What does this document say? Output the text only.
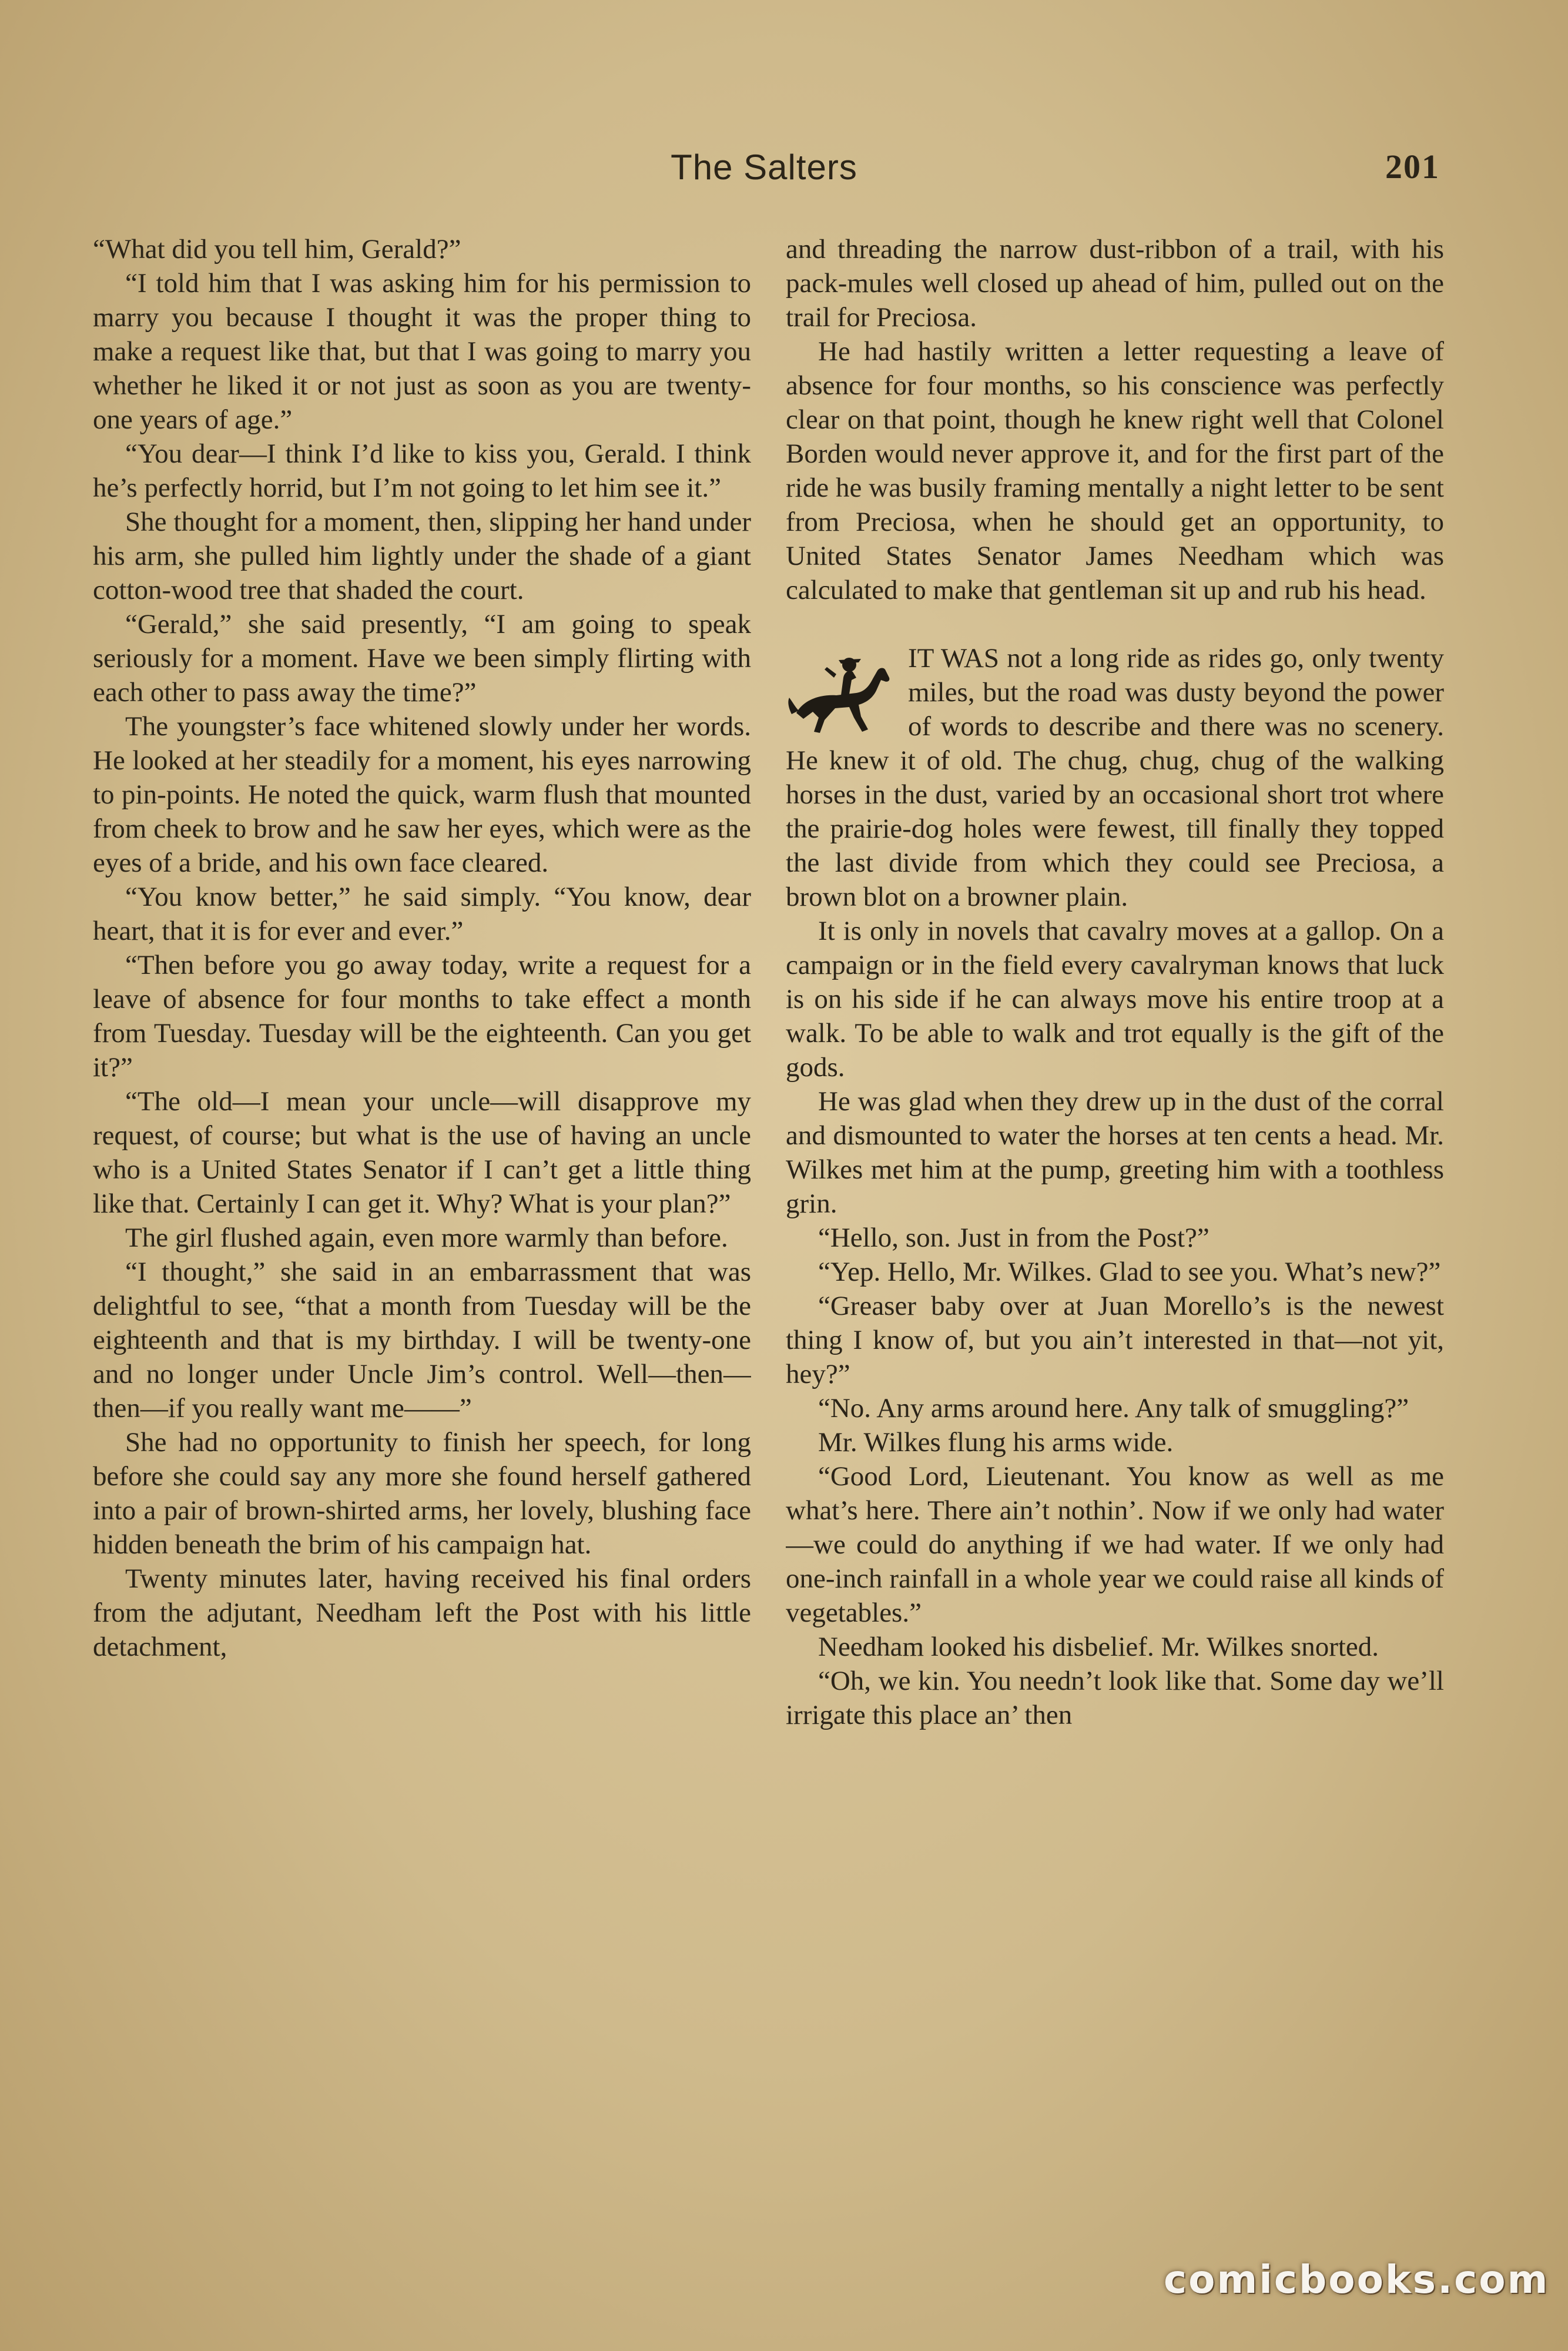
The Salters	201

“What did you tell him, Gerald?”

“I told him that I was asking him for his permission to marry you because I thought it was the proper thing to make a request like that, but that I was going to marry you whether he liked it or not just as soon as you are twenty-one years of age.”

“You dear—I think I’d like to kiss you, Gerald. I think he’s perfectly horrid, but I’m not going to let him see it.”

She thought for a moment, then, slipping her hand under his arm, she pulled him lightly under the shade of a giant cotton-wood tree that shaded the court.

“Gerald,” she said presently, “I am going to speak seriously for a moment. Have we been simply flirting with each other to pass away the time?”

The youngster’s face whitened slowly under her words. He looked at her steadily for a moment, his eyes narrowing to pin-points. He noted the quick, warm flush that mounted from cheek to brow and he saw her eyes, which were as the eyes of a bride, and his own face cleared.

“You know better,” he said simply. “You know, dear heart, that it is for ever and ever.”

“Then before you go away today, write a request for a leave of absence for four months to take effect a month from Tuesday. Tuesday will be the eighteenth. Can you get it?”

“The old—I mean your uncle—will disapprove my request, of course; but what is the use of having an uncle who is a United States Senator if I can’t get a little thing like that. Certainly I can get it. Why? What is your plan?”

The girl flushed again, even more warmly than before.

“I thought,” she said in an embarrassment that was delightful to see, “that a month from Tuesday will be the eighteenth and that is my birthday. I will be twenty-one and no longer under Uncle Jim’s control. Well—then—then—if you really want me——”

She had no opportunity to finish her speech, for long before she could say any more she found herself gathered into a pair of brown-shirted arms, her lovely, blushing face hidden beneath the brim of his campaign hat.

Twenty minutes later, having received his final orders from the adjutant, Needham left the Post with his little detachment,

and threading the narrow dust-ribbon of a trail, with his pack-mules well closed up ahead of him, pulled out on the trail for Preciosa.

He had hastily written a letter requesting a leave of absence for four months, so his conscience was perfectly clear on that point, though he knew right well that Colonel Borden would never approve it, and for the first part of the ride he was busily framing mentally a night letter to be sent from Preciosa, when he should get an opportunity, to United States Senator James Needham which was calculated to make that gentleman sit up and rub his head.

IT WAS not a long ride as rides go, only twenty miles, but the road was dusty beyond the power of words to describe and there was no scenery. He knew it of old. The chug, chug, chug of the walking horses in the dust, varied by an occasional short trot where the prairie-dog holes were fewest, till finally they topped the last divide from which they could see Preciosa, a brown blot on a browner plain.

It is only in novels that cavalry moves at a gallop. On a campaign or in the field every cavalryman knows that luck is on his side if he can always move his entire troop at a walk. To be able to walk and trot equally is the gift of the gods.

He was glad when they drew up in the dust of the corral and dismounted to water the horses at ten cents a head. Mr. Wilkes met him at the pump, greeting him with a toothless grin.

“Hello, son. Just in from the Post?”

“Yep. Hello, Mr. Wilkes. Glad to see you. What’s new?”

“Greaser baby over at Juan Morello’s is the newest thing I know of, but you ain’t interested in that—not yit, hey?”

“No. Any arms around here. Any talk of smuggling?”

Mr. Wilkes flung his arms wide.

“Good Lord, Lieutenant. You know as well as me what’s here. There ain’t nothin’. Now if we only had water—we could do anything if we had water. If we only had one-inch rainfall in a whole year we could raise all kinds of vegetables.”

Needham looked his disbelief. Mr. Wilkes snorted.

“Oh, we kin. You needn’t look like that. Some day we’ll irrigate this place an’ then

comicbooks.com
